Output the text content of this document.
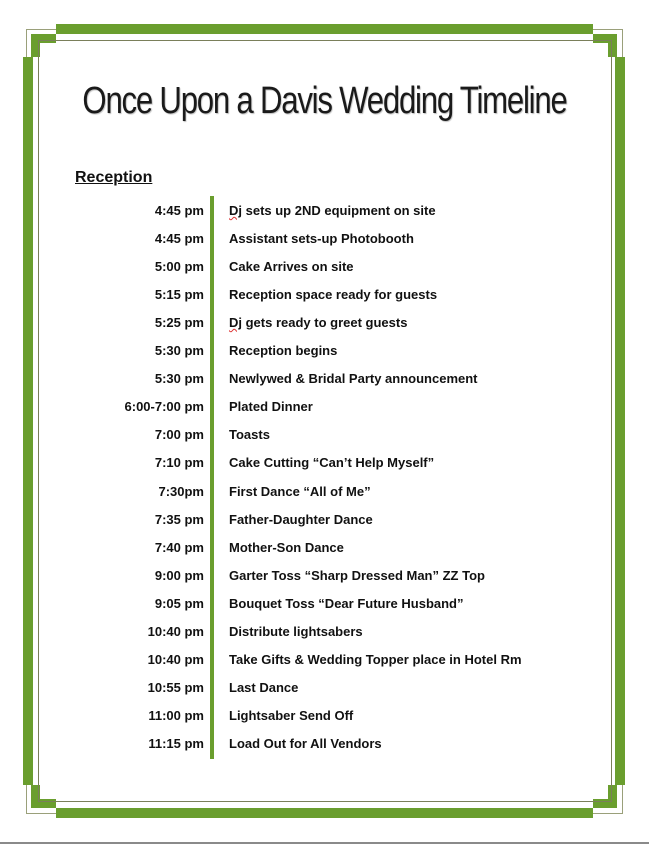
Once Upon a Davis Wedding Timeline
Reception
4:45 pm Dj sets up 2ND equipment on site
4:45 pm Assistant sets-up Photobooth
5:00 pm Cake Arrives on site
5:15 pm Reception space ready for guests
5:25 pm Dj gets ready to greet guests
5:30 pm Reception begins
5:30 pm Newlywed & Bridal Party announcement
6:00-7:00 pm Plated Dinner
7:00 pm Toasts
7:10 pm Cake Cutting “Can’t Help Myself”
7:30pm First Dance “All of Me”
7:35 pm Father-Daughter Dance
7:40 pm Mother-Son Dance
9:00 pm Garter Toss “Sharp Dressed Man” ZZ Top
9:05 pm Bouquet Toss “Dear Future Husband”
10:40 pm Distribute lightsabers
10:40 pm Take Gifts & Wedding Topper place in Hotel Rm
10:55 pm Last Dance
11:00 pm Lightsaber Send Off
11:15 pm Load Out for All Vendors
